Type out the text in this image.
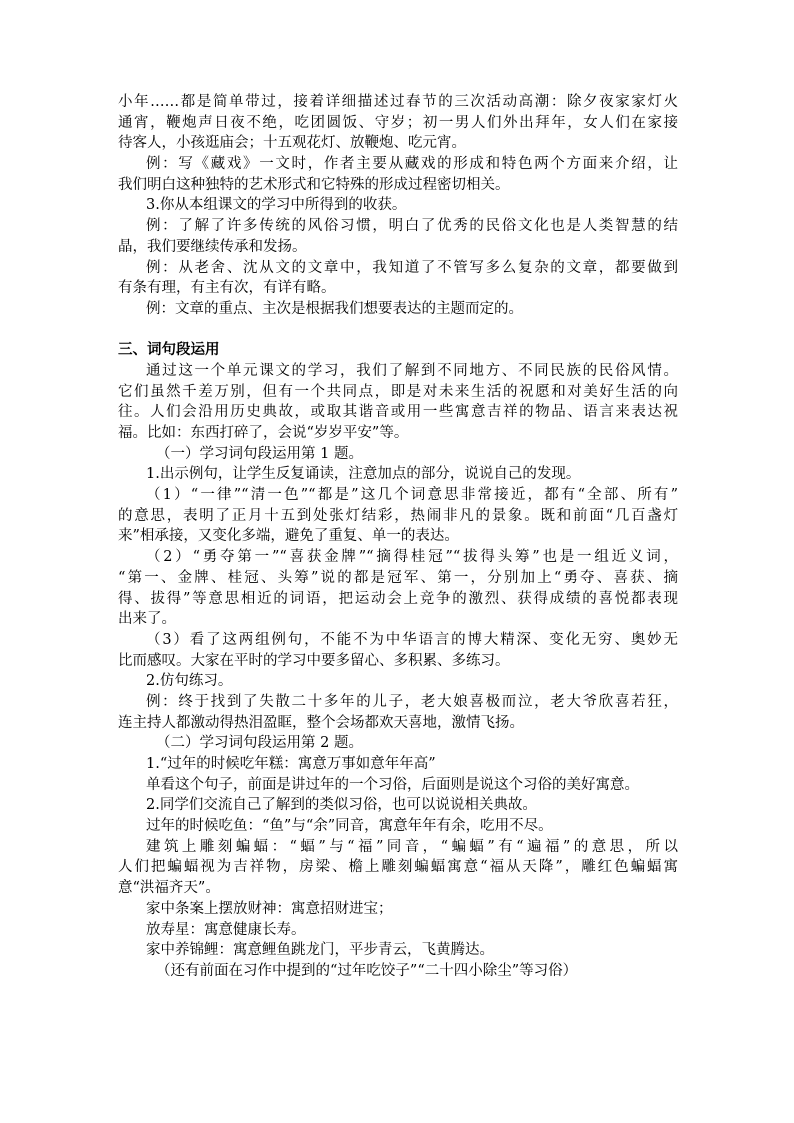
小年……都是简单带过，接着详细描述过春节的三次活动高潮：除夕夜家家灯火
通宵，鞭炮声日夜不绝，吃团圆饭、守岁；初一男人们外出拜年，女人们在家接
待客人，小孩逛庙会；十五观花灯、放鞭炮、吃元宵。
例：写《藏戏》一文时，作者主要从藏戏的形成和特色两个方面来介绍，让
我们明白这种独特的艺术形式和它特殊的形成过程密切相关。
3.你从本组课文的学习中所得到的收获。
例：了解了许多传统的风俗习惯，明白了优秀的民俗文化也是人类智慧的结
晶，我们要继续传承和发扬。
例：从老舍、沈从文的文章中，我知道了不管写多么复杂的文章，都要做到
有条有理，有主有次，有详有略。
例：文章的重点、主次是根据我们想要表达的主题而定的。
三、词句段运用
通过这一个单元课文的学习，我们了解到不同地方、不同民族的民俗风情。
它们虽然千差万别，但有一个共同点，即是对未来生活的祝愿和对美好生活的向
往。人们会沿用历史典故，或取其谐音或用一些寓意吉祥的物品、语言来表达祝
福。比如：东西打碎了，会说“岁岁平安”等。
（一）学习词句段运用第 1 题。
1.出示例句，让学生反复诵读，注意加点的部分，说说自己的发现。
（1）“一律”“清一色”“都是”这几个词意思非常接近，都有“全部、所有”
的意思，表明了正月十五到处张灯结彩，热闹非凡的景象。既和前面“几百盏灯
来”相承接，又变化多端，避免了重复、单一的表达。
（2）“勇夺第一”“喜获金牌”“摘得桂冠”“拔得头筹”也是一组近义词，
“第一、金牌、桂冠、头筹”说的都是冠军、第一，分别加上“勇夺、喜获、摘
得、拔得”等意思相近的词语，把运动会上竞争的激烈、获得成绩的喜悦都表现
出来了。
（3）看了这两组例句，不能不为中华语言的博大精深、变化无穷、奥妙无
比而感叹。大家在平时的学习中要多留心、多积累、多练习。
2.仿句练习。
例：终于找到了失散二十多年的儿子，老大娘喜极而泣，老大爷欣喜若狂，
连主持人都激动得热泪盈眶，整个会场都欢天喜地，激情飞扬。
（二）学习词句段运用第 2 题。
1.“过年的时候吃年糕：寓意万事如意年年高”
单看这个句子，前面是讲过年的一个习俗，后面则是说这个习俗的美好寓意。
2.同学们交流自己了解到的类似习俗，也可以说说相关典故。
过年的时候吃鱼：“鱼”与“余”同音，寓意年年有余，吃用不尽。
建筑上雕刻蝙蝠：“蝠”与“福”同音，“蝙蝠”有“遍福”的意思，所以
人们把蝙蝠视为吉祥物，房梁、檐上雕刻蝙蝠寓意“福从天降”，雕红色蝙蝠寓
意“洪福齐天”。
家中条案上摆放财神：寓意招财进宝；
放寿星：寓意健康长寿。
家中养锦鲤：寓意鲤鱼跳龙门，平步青云，飞黄腾达。
（还有前面在习作中提到的“过年吃饺子”“二十四小除尘”等习俗）
